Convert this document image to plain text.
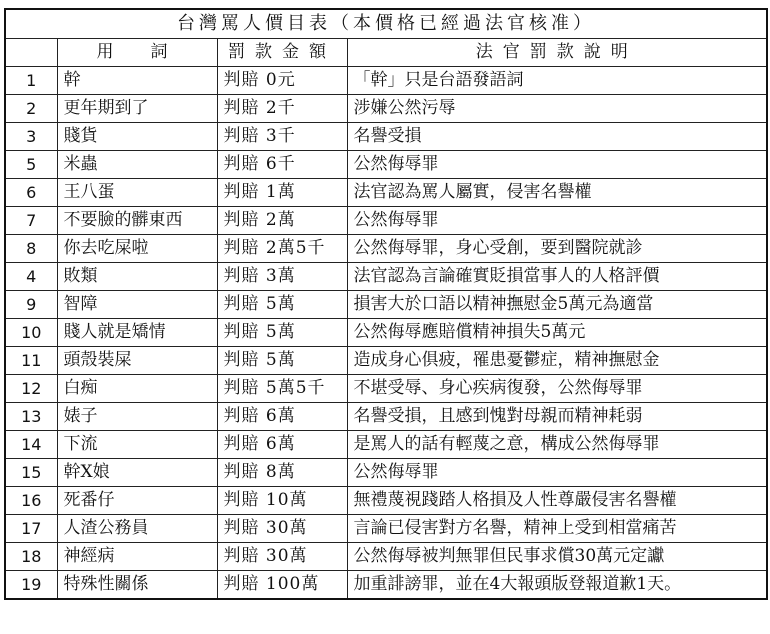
台灣罵人價目表（本價格已經過法官核准）			
	用　詞	罰款金額	法官罰款說明
1	幹	判賠 0元	「幹」只是台語發語詞
2	更年期到了	判賠 2千	涉嫌公然污辱
3	賤貨	判賠 3千	名譽受損
5	米蟲	判賠 6千	公然侮辱罪
6	王八蛋	判賠 1萬	法官認為罵人屬實，侵害名譽權
7	不要臉的髒東西	判賠 2萬	公然侮辱罪
8	你去吃屎啦	判賠 2萬5千	公然侮辱罪，身心受創，要到醫院就診
4	敗類	判賠 3萬	法官認為言論確實貶損當事人的人格評價
9	智障	判賠 5萬	損害大於口語以精神撫慰金5萬元為適當
10	賤人就是矯情	判賠 5萬	公然侮辱應賠償精神損失5萬元
11	頭殼裝屎	判賠 5萬	造成身心俱疲，罹患憂鬱症，精神撫慰金
12	白痴	判賠 5萬5千	不堪受辱、身心疾病復發，公然侮辱罪
13	婊子	判賠 6萬	名譽受損，且感到愧對母親而精神耗弱
14	下流	判賠 6萬	是罵人的話有輕蔑之意，構成公然侮辱罪
15	幹X娘	判賠 8萬	公然侮辱罪
16	死番仔	判賠 10萬	無禮蔑視踐踏人格損及人性尊嚴侵害名譽權
17	人渣公務員	判賠 30萬	言論已侵害對方名譽，精神上受到相當痛苦
18	神經病	判賠 30萬	公然侮辱被判無罪但民事求償30萬元定讞
19	特殊性關係	判賠 100萬	加重誹謗罪，並在4大報頭版登報道歉1天。
